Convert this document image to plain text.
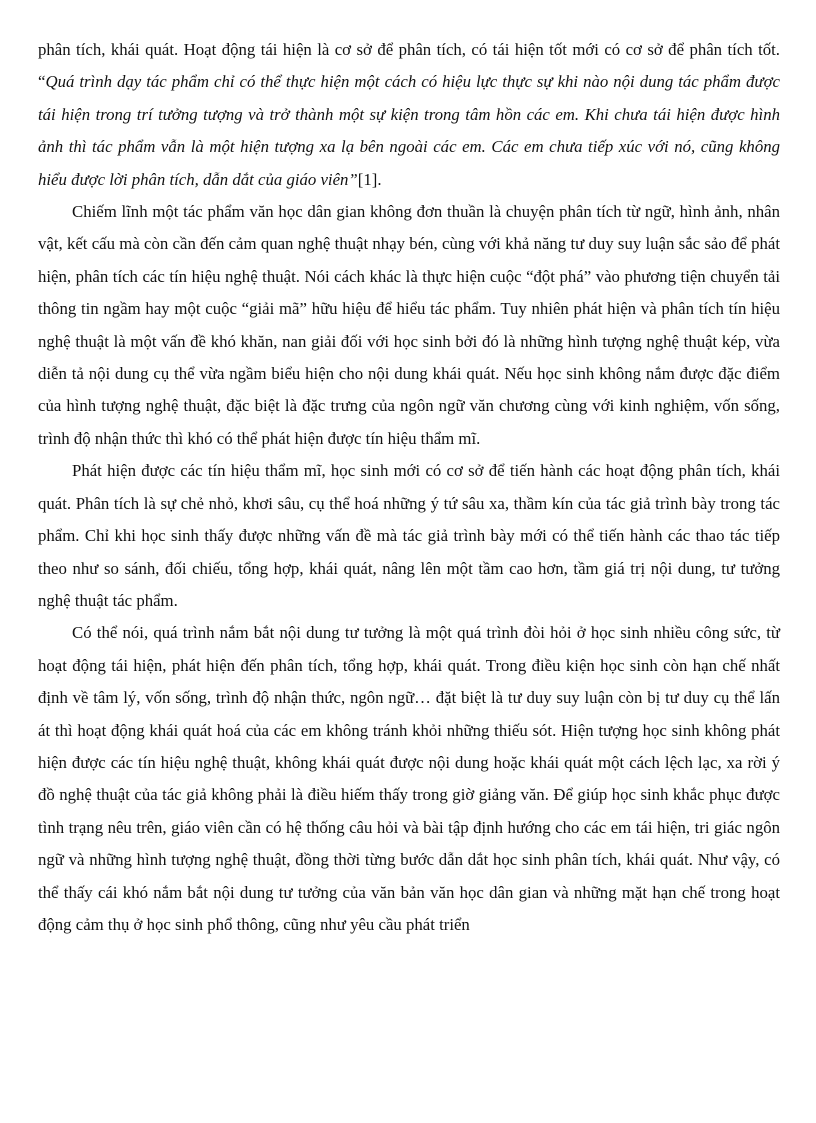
phân tích, khái quát. Hoạt động tái hiện là cơ sở để phân tích, có tái hiện tốt mới có cơ sở để phân tích tốt. “Quá trình dạy tác phẩm chỉ có thể thực hiện một cách có hiệu lực thực sự khi nào nội dung tác phẩm được tái hiện trong trí tưởng tượng và trở thành một sự kiện trong tâm hồn các em. Khi chưa tái hiện được hình ảnh thì tác phẩm vẫn là một hiện tượng xa lạ bên ngoài các em. Các em chưa tiếp xúc với nó, cũng không hiểu được lời phân tích, dẫn dắt của giáo viên”[1].

Chiếm lĩnh một tác phẩm văn học dân gian không đơn thuần là chuyện phân tích từ ngữ, hình ảnh, nhân vật, kết cấu mà còn cần đến cảm quan nghệ thuật nhạy bén, cùng với khả năng tư duy suy luận sắc sảo để phát hiện, phân tích các tín hiệu nghệ thuật. Nói cách khác là thực hiện cuộc “đột phá” vào phương tiện chuyển tải thông tin ngầm hay một cuộc “giải mã” hữu hiệu để hiểu tác phẩm. Tuy nhiên phát hiện và phân tích tín hiệu nghệ thuật là một vấn đề khó khăn, nan giải đối với học sinh bởi đó là những hình tượng nghệ thuật kép, vừa diễn tả nội dung cụ thể vừa ngầm biểu hiện cho nội dung khái quát. Nếu học sinh không nắm được đặc điểm của hình tượng nghệ thuật, đặc biệt là đặc trưng của ngôn ngữ văn chương cùng với kinh nghiệm, vốn sống, trình độ nhận thức thì khó có thể phát hiện được tín hiệu thẩm mĩ.

Phát hiện được các tín hiệu thẩm mĩ, học sinh mới có cơ sở để tiến hành các hoạt động phân tích, khái quát. Phân tích là sự chẻ nhỏ, khơi sâu, cụ thể hoá những ý tứ sâu xa, thầm kín của tác giả trình bày trong tác phẩm. Chỉ khi học sinh thấy được những vấn đề mà tác giả trình bày mới có thể tiến hành các thao tác tiếp theo như so sánh, đối chiếu, tổng hợp, khái quát, nâng lên một tầm cao hơn, tầm giá trị nội dung, tư tưởng nghệ thuật tác phẩm.

Có thể nói, quá trình nắm bắt nội dung tư tưởng là một quá trình đòi hỏi ở học sinh nhiều công sức, từ hoạt động tái hiện, phát hiện đến phân tích, tổng hợp, khái quát. Trong điều kiện học sinh còn hạn chế nhất định về tâm lý, vốn sống, trình độ nhận thức, ngôn ngữ… đặt biệt là tư duy suy luận còn bị tư duy cụ thể lấn át thì hoạt động khái quát hoá của các em không tránh khỏi những thiếu sót. Hiện tượng học sinh không phát hiện được các tín hiệu nghệ thuật, không khái quát được nội dung hoặc khái quát một cách lệch lạc, xa rời ý đồ nghệ thuật của tác giả không phải là điều hiếm thấy trong giờ giảng văn. Để giúp học sinh khắc phục được tình trạng nêu trên, giáo viên cần có hệ thống câu hỏi và bài tập định hướng cho các em tái hiện, tri giác ngôn ngữ và những hình tượng nghệ thuật, đồng thời từng bước dẫn dắt học sinh phân tích, khái quát. Như vậy, có thể thấy cái khó nắm bắt nội dung tư tưởng của văn bản văn học dân gian và những mặt hạn chế trong hoạt động cảm thụ ở học sinh phổ thông, cũng như yêu cầu phát triển
